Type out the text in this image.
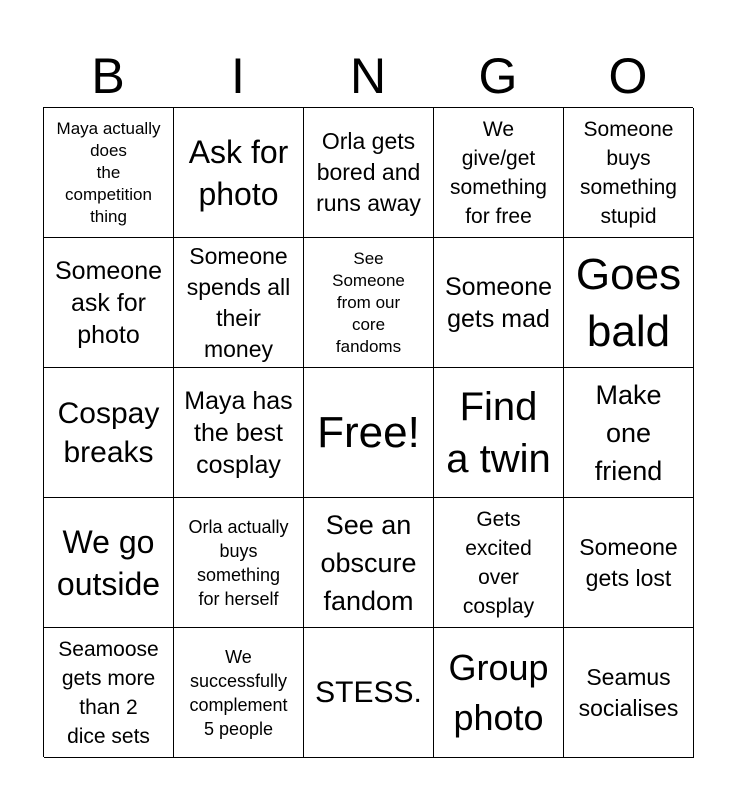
B	I	N	G	O
Maya actually
does
the
competition
thing
Ask for
photo
Orla gets
bored and
runs away
We
give/get
something
for free
Someone
buys
something
stupid
Someone
ask for
photo
Someone
spends all
their
money
See
Someone
from our
core
fandoms
Someone
gets mad
Goes
bald
Cospay
breaks
Maya has
the best
cosplay
Free!
Find
a twin
Make
one
friend
We go
outside
Orla actually
buys
something
for herself
See an
obscure
fandom
Gets
excited
over
cosplay
Someone
gets lost
Seamoose
gets more
than 2
dice sets
We
successfully
complement
5 people
STESS.
Group
photo
Seamus
socialises
